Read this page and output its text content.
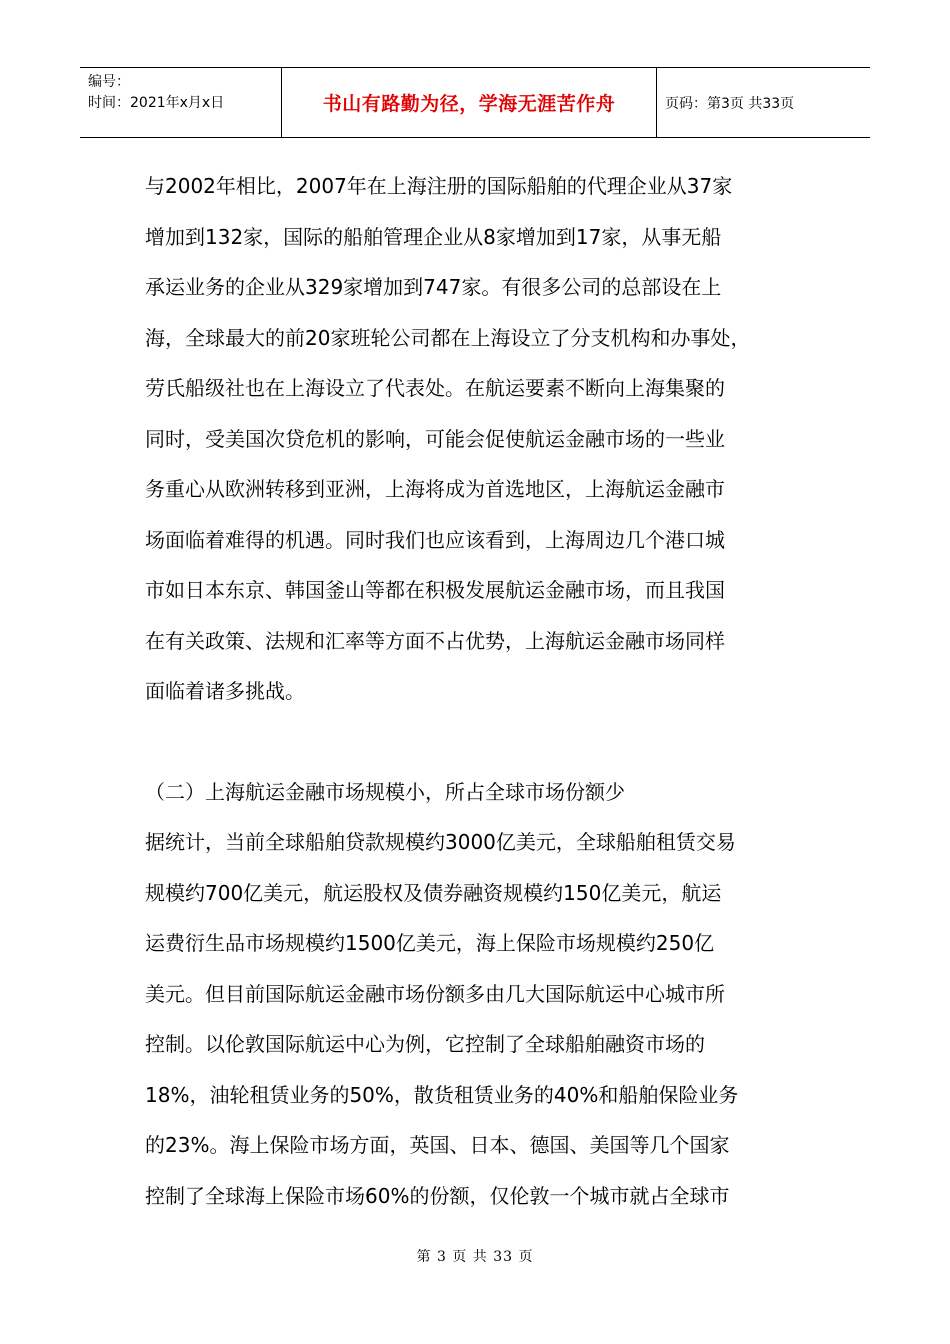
编号：
时间：2021年x月x日	书山有路勤为径，学海无涯苦作舟	页码：第3页 共33页
与2002年相比，2007年在上海注册的国际船舶的代理企业从37家
增加到132家，国际的船舶管理企业从8家增加到17家，从事无船
承运业务的企业从329家增加到747家。有很多公司的总部设在上
海，全球最大的前20家班轮公司都在上海设立了分支机构和办事处，
劳氏船级社也在上海设立了代表处。在航运要素不断向上海集聚的
同时，受美国次贷危机的影响，可能会促使航运金融市场的一些业
务重心从欧洲转移到亚洲，上海将成为首选地区，上海航运金融市
场面临着难得的机遇。同时我们也应该看到，上海周边几个港口城
市如日本东京、韩国釜山等都在积极发展航运金融市场，而且我国
在有关政策、法规和汇率等方面不占优势，上海航运金融市场同样
面临着诸多挑战。
（二）上海航运金融市场规模小，所占全球市场份额少
据统计，当前全球船舶贷款规模约3000亿美元，全球船舶租赁交易
规模约700亿美元，航运股权及债券融资规模约150亿美元，航运
运费衍生品市场规模约1500亿美元，海上保险市场规模约250亿
美元。但目前国际航运金融市场份额多由几大国际航运中心城市所
控制。以伦敦国际航运中心为例，它控制了全球船舶融资市场的
18%，油轮租赁业务的50%，散货租赁业务的40%和船舶保险业务
的23%。海上保险市场方面，英国、日本、德国、美国等几个国家
控制了全球海上保险市场60%的份额，仅伦敦一个城市就占全球市
第 3 页 共 33 页
